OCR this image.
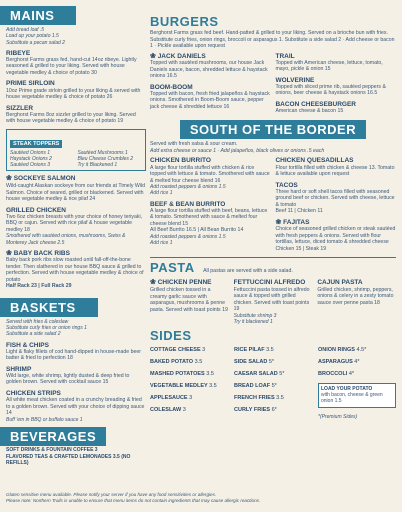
MAINS
Add bread loaf .5
Load up your potato 1.5
Substitute a pecan salad 2
RIBEYE
Berghorst Farms grass fed, hand-cut 14oz ribeye. Lightly seasoned & grilled to your liking. Served with house vegetable medley & choice of potato 30
PRIME SIRLOIN
10oz Prime grade sirloin grilled to your liking & served with house vegetable medley & choice of potato 26
SIZZLER
Berghorst Farms 8oz sizzler grilled to your liking. Served with house vegetable medley & choice of potato 19
STEAK TOPPERS
Sautéed Onions 1	Sautéed Mushrooms 1
Haystack Onions 2	Bleu Cheese Crumbles 2
Sautéed Onions 3	Try it Blackened 1
❀ SOCKEYE SALMON
Wild-caught Alaskan sockeye from our friends at Timely Wild Salmon. Choice of seared, grilled or blackened. Served with house vegetable medley & rice pilaf 24
GRILLED CHICKEN
Two 6oz chicken breasts with your choice of honey teriyaki, BBQ or cajun. Served with rice pilaf & house vegetable medley 18
Smothered with sautéed onions, mushrooms, Swiss & Monterey Jack cheese 2.5
❀ BABY BACK RIBS
Baby back pork ribs slow roasted until fall-off-the-bone tender. Then slathered in our house BBQ sauce & grilled to perfection. Served with house vegetable medley & choice of potato
Half Rack 23 | Full Rack 29
BASKETS
Served with fries & coleslaw
Substitute curly fries or onion rings 1
Substitute a side salad 2
FISH & CHIPS
Light & flaky fillets of cod hand-dipped in house-made beer batter & fried to perfection 18
SHRIMP
Wild large, white shrimp, lightly dusted & deep fried to golden brown. Served with cocktail sauce 15
CHICKEN STRIPS
All white meat chicken coated in a crunchy breading & fried to a golden brown. Served with your choice of dipping sauce 14
Buff 'em in BBQ or buffalo sauce 1
BEVERAGES
SOFT DRINKS & FOUNTAIN COFFEE 3
FLAVORED TEAS & CRAFTED LEMONADES 3.5 (NO REFILLS)
BURGERS
Berghorst Farms grass fed beef. Hand-patted & grilled to your liking. Served on a brioche bun with fries. Substitute curly fries, onion rings, broccoli or asparagus 1. Substitute a side salad 2 · Add cheese or bacon 1 · Pickle available upon request
❀ JACK DANIELS
Topped with sautéed mushrooms, our house Jack Daniels sauce, bacon, shredded lettuce & haystack onions 16.5
BOOM-BOOM
Topped with bacon, fresh fried jalapeños & haystack onions. Smothered in Boom-Boom sauce, pepper jack cheese & shredded lettuce 16
TRAIL
Topped with American cheese, lettuce, tomato, mayo, pickle & onion 15
WOLVERINE
Topped with sliced prime rib, sautéed peppers & onions, beer cheese & haystack onions 16.5
BACON CHEESEBURGER
American cheese & bacon 15
SOUTH OF THE BORDER
Served with fresh salsa & sour cream.
Add extra cheese or sauce 1 · Add jalapeños, black olives or onions .5 each
CHICKEN BURRITO
A large flour tortilla stuffed with chicken & rice topped with lettuce & tomato. Smothered with sauce & melted four cheese blend 16
Add roasted peppers & onions 1.5
Add rice 1
BEEF & BEAN BURRITO
A large flour tortilla stuffed with beef, beans, lettuce & tomato. Smothered with sauce & melted four cheese blend 15
All Beef Burrito 16.5 | All Bean Burrito 14
Add roasted peppers & onions 1.5
Add rice 1
CHICKEN QUESADILLAS
Flour tortilla filled with chicken & cheese 13. Tomato & lettuce available upon request
TACOS
Three hard or soft shell tacos filled with seasoned ground beef or chicken. Served with cheese, lettuce & tomato
Beef 11 | Chicken 11
❀ FAJITAS
Choice of seasoned grilled chicken or steak sautéed with fresh peppers & onions. Served with flour tortillas, lettuce, diced tomato & shredded cheese
Chicken 15 | Steak 19
PASTA All pastas are served with a side salad.
❀ CHICKEN PENNE
Grilled chicken tossed in a creamy garlic sauce with asparagus, mushrooms & penne pasta. Served with toast points 19
FETTUCCINI ALFREDO
Fettuccini pasta tossed in alfredo sauce & topped with grilled chicken. Served with toast points 19
Substitute shrimp 3
Try it blackened 1
CAJUN PASTA
Grilled chicken, shrimp, peppers, onions & celery in a zesty tomato sauce over penne pasta 18
SIDES
COTTAGE CHEESE 3
BAKED POTATO 3.5
MASHED POTATOES 3.5
VEGETABLE MEDLEY 3.5
APPLESAUCE 3
COLESLAW 3
RICE PILAF 3.5
SIDE SALAD 5*
CAESAR SALAD 5*
BREAD LOAF 5*
FRENCH FRIES 3.5
CURLY FRIES 6*
ONION RINGS 4.5*
ASPARAGUS 4*
BROCCOLI 4*
LOAD YOUR POTATO
with bacon, cheese & green onion 1.5
*(Premium Sides)
Gluten sensitive menu available. Please notify your server if you have any food sensitivities or allergies.
Please note: Northern Trails is unable to ensure that menu items do not contain ingredients that may cause allergic reactions.
